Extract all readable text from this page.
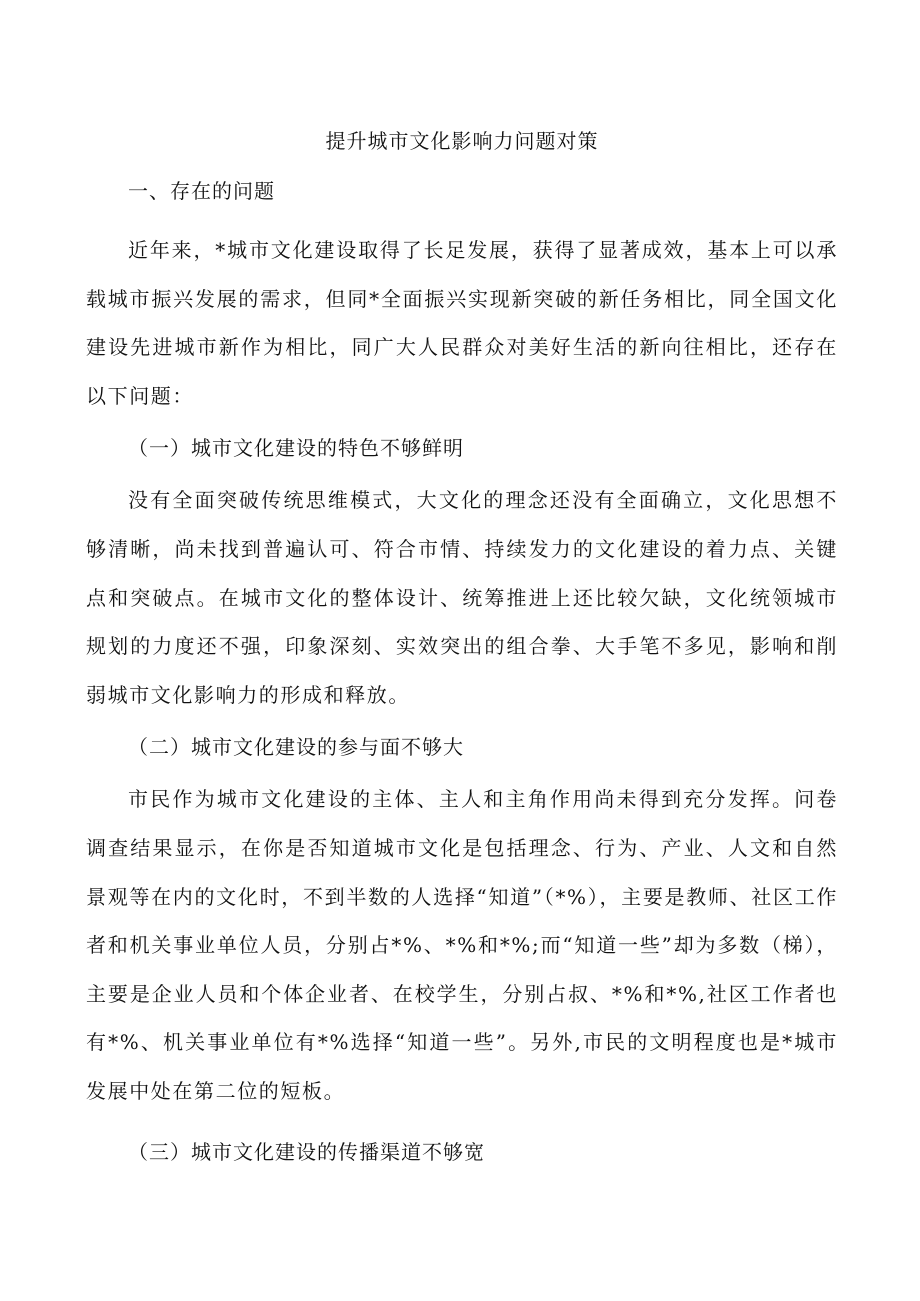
提升城市文化影响力问题对策

一、存在的问题

近年来，*城市文化建设取得了长足发展，获得了显著成效，基本上可以承载城市振兴发展的需求，但同*全面振兴实现新突破的新任务相比，同全国文化建设先进城市新作为相比，同广大人民群众对美好生活的新向往相比，还存在以下问题：

（一）城市文化建设的特色不够鲜明

没有全面突破传统思维模式，大文化的理念还没有全面确立，文化思想不够清晰，尚未找到普遍认可、符合市情、持续发力的文化建设的着力点、关键点和突破点。在城市文化的整体设计、统筹推进上还比较欠缺，文化统领城市规划的力度还不强，印象深刻、实效突出的组合拳、大手笔不多见，影响和削弱城市文化影响力的形成和释放。

（二）城市文化建设的参与面不够大

市民作为城市文化建设的主体、主人和主角作用尚未得到充分发挥。问卷调查结果显示，在你是否知道城市文化是包括理念、行为、产业、人文和自然景观等在内的文化时，不到半数的人选择“知道”（*%），主要是教师、社区工作者和机关事业单位人员，分别占*%、*%和*%;而“知道一些”却为多数（梯），主要是企业人员和个体企业者、在校学生，分别占叔、*%和*%,社区工作者也有*%、机关事业单位有*%选择“知道一些”。另外,市民的文明程度也是*城市发展中处在第二位的短板。

（三）城市文化建设的传播渠道不够宽
